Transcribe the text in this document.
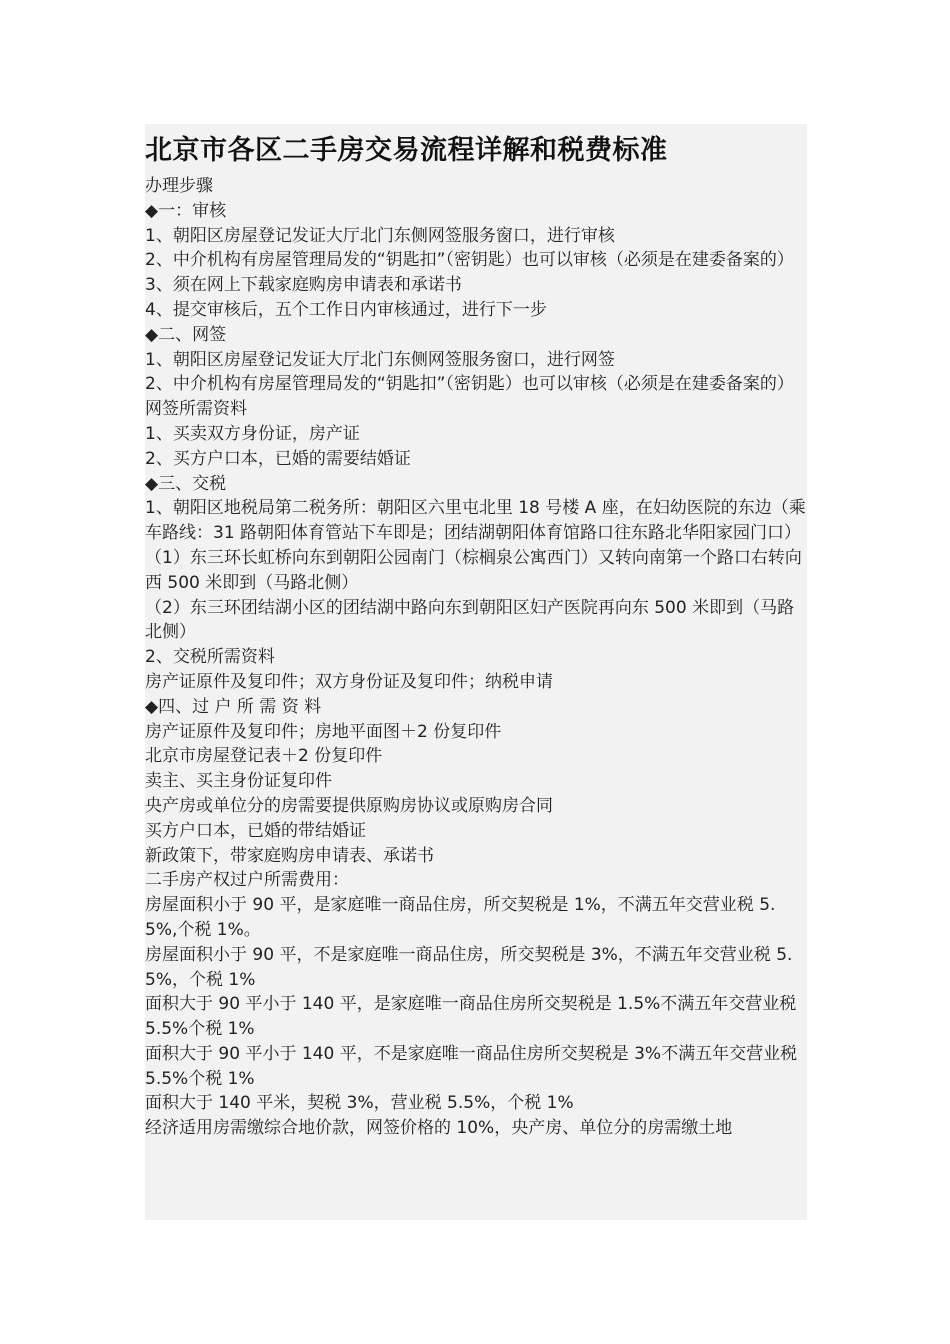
北京市各区二手房交易流程详解和税费标准

办理步骤

◆一：审核

1、朝阳区房屋登记发证大厅北门东侧网签服务窗口，进行审核

2、中介机构有房屋管理局发的“钥匙扣”（密钥匙）也可以审核（必须是在建委备案的）

3、须在网上下载家庭购房申请表和承诺书

4、提交审核后，五个工作日内审核通过，进行下一步

◆二、网签

1、朝阳区房屋登记发证大厅北门东侧网签服务窗口，进行网签

2、中介机构有房屋管理局发的“钥匙扣”（密钥匙）也可以审核（必须是在建委备案的）

网签所需资料

1、买卖双方身份证，房产证

2、买方户口本，已婚的需要结婚证

◆三、交税

1、朝阳区地税局第二税务所：朝阳区六里屯北里 18 号楼 A 座，在妇幼医院的东边（乘车路线：31 路朝阳体育管站下车即是；团结湖朝阳体育馆路口往东路北华阳家园门口）

（1）东三环长虹桥向东到朝阳公园南门（棕榈泉公寓西门）又转向南第一个路口右转向西 500 米即到（马路北侧）

（2）东三环团结湖小区的团结湖中路向东到朝阳区妇产医院再向东 500 米即到（马路北侧）

2、交税所需资料

房产证原件及复印件；双方身份证及复印件；纳税申请

◆四、过 户 所 需 资 料

房产证原件及复印件；房地平面图＋2 份复印件

北京市房屋登记表＋2 份复印件

卖主、买主身份证复印件

央产房或单位分的房需要提供原购房协议或原购房合同

买方户口本，已婚的带结婚证

新政策下，带家庭购房申请表、承诺书

二手房产权过户所需费用：

房屋面积小于 90 平，是家庭唯一商品住房，所交契税是 1%，不满五年交营业税 5.5%,个税 1%。

房屋面积小于 90 平，不是家庭唯一商品住房，所交契税是 3%，不满五年交营业税 5.5%，个税 1%

面积大于 90 平小于 140 平，是家庭唯一商品住房所交契税是 1.5%不满五年交营业税 5.5%个税 1%

面积大于 90 平小于 140 平，不是家庭唯一商品住房所交契税是 3%不满五年交营业税 5.5%个税 1%

面积大于 140 平米，契税 3%，营业税 5.5%，个税 1%

经济适用房需缴综合地价款，网签价格的 10%，央产房、单位分的房需缴土地
